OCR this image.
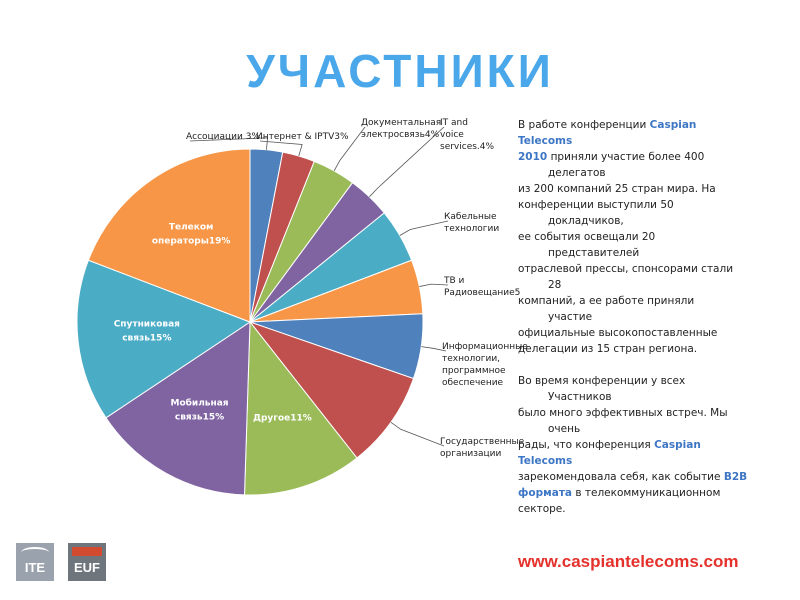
УЧАСТНИКИ
Ассоциации 3%
Интернет & IPTV3%
Документальная электросвязь4%
IT and voice services.4%
Кабельные технологии
ТВ и Радиовещание5
Информационные технологии, программное обеспечение
Государственные организации
Другое11%
Мобильная связь15%
Спутниковая связь15%
Телеком операторы19%
В работе конференции Caspian Telecoms
2010 приняли участие более 400
делегатов
из 200 компаний 25 стран мира. На
конференции выступили 50
докладчиков,
ее события освещали 20
представителей
отраслевой прессы, спонсорами стали
28
компаний, а ее работе приняли
участие
официальные высокопоставленные
делегации из 15 стран региона.
Во время конференции у всех
Участников
было много эффективных встреч. Мы
очень
рады, что конференция Caspian Telecoms
зарекомендовала себя, как событие B2B
формата в телекоммуникационном
секторе.
ITE	EUF	www.caspiantelecoms.com
